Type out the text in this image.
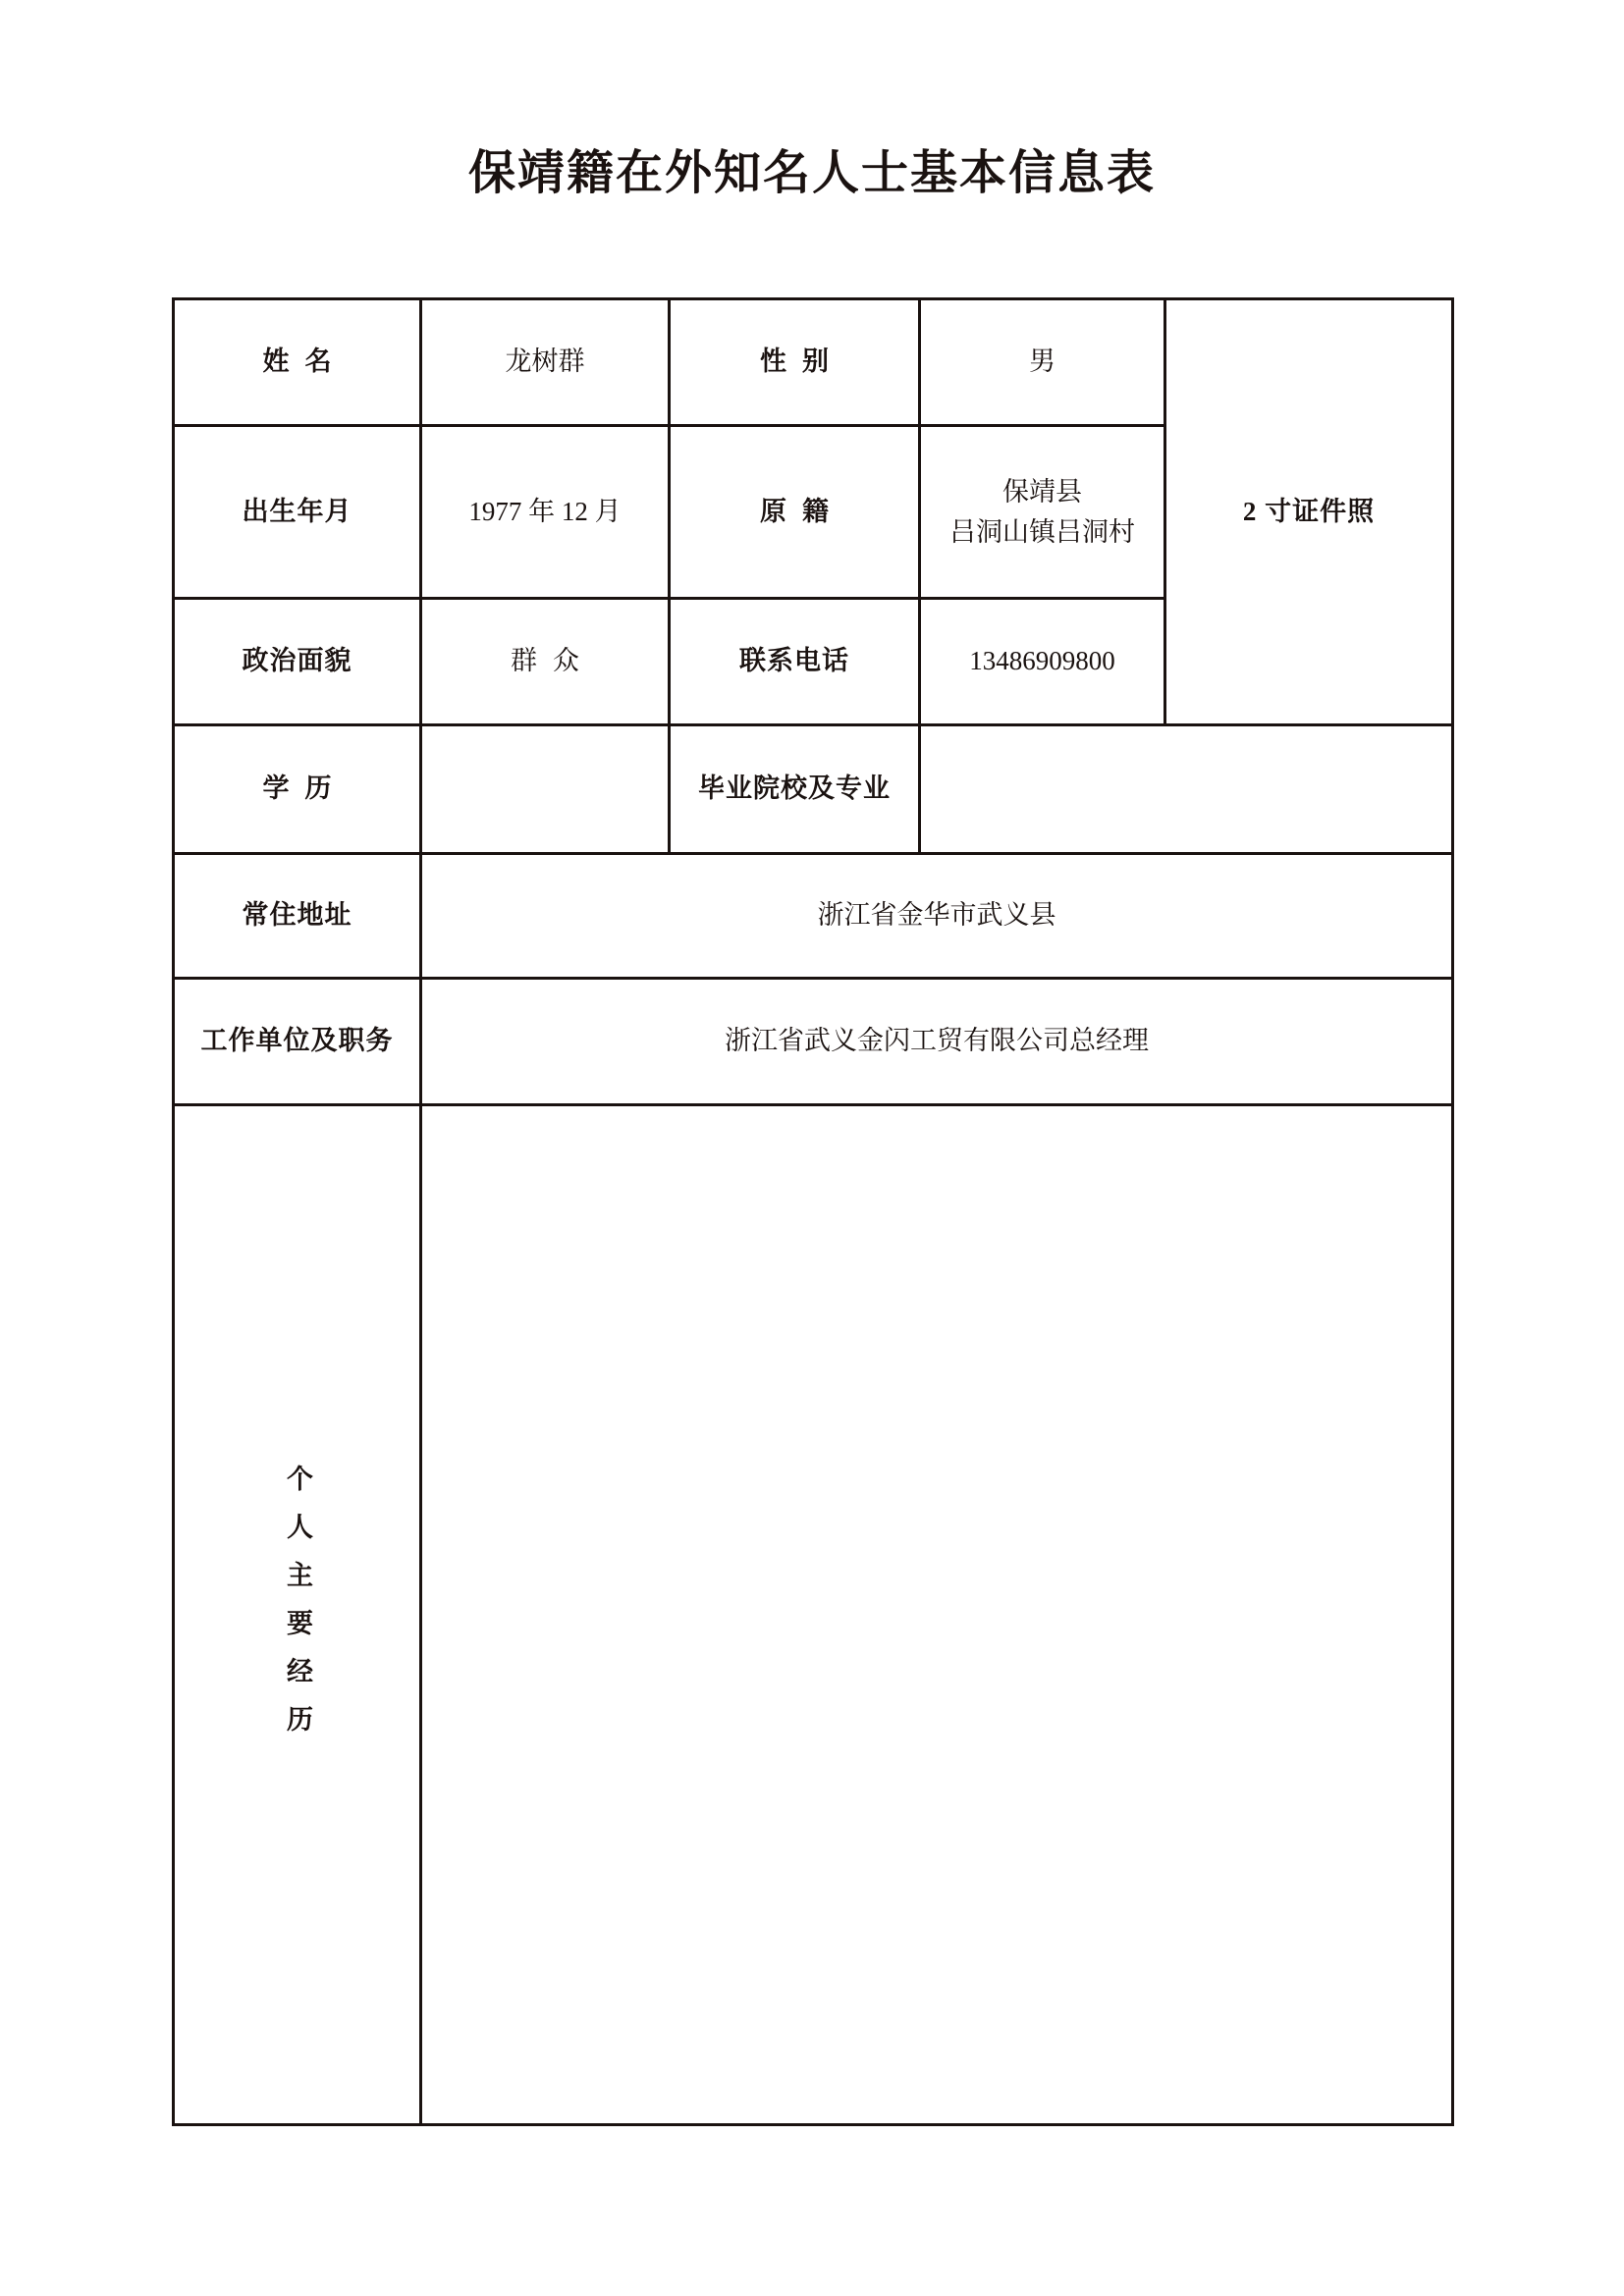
保靖籍在外知名人士基本信息表
姓名	龙树群	性别	男	2 寸证件照
出生年月	1977 年 12 月	原籍	保靖县
吕洞山镇吕洞村	

政治面貌	群众	联系电话	13486909800	
学历		毕业院校及专业		
常住地址	浙江省金华市武义县			
工作单位及职务	浙江省武义金闪工贸有限公司总经理			
个人主要经历				
